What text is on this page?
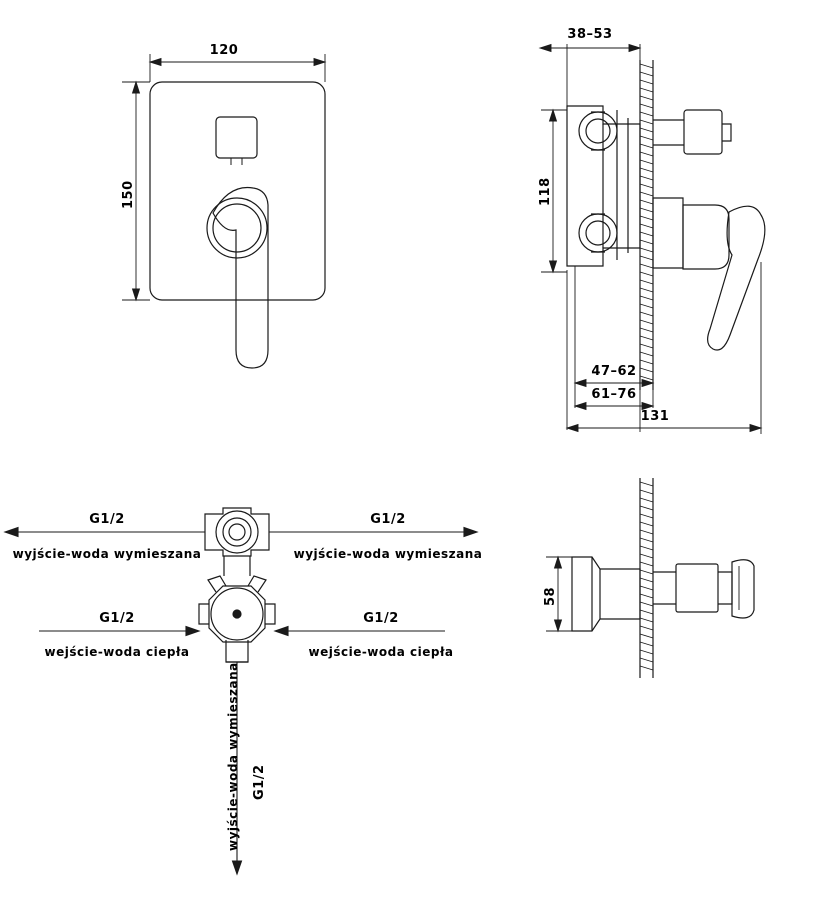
120
150
38–53
118
47–62
61–76
131
58
G1/2
wyjście-woda wymieszana
G1/2
wyjście-woda wymieszana
G1/2
wejście-woda ciepła
G1/2
wejście-woda ciepła
G1/2
wyjście-woda wymieszana
